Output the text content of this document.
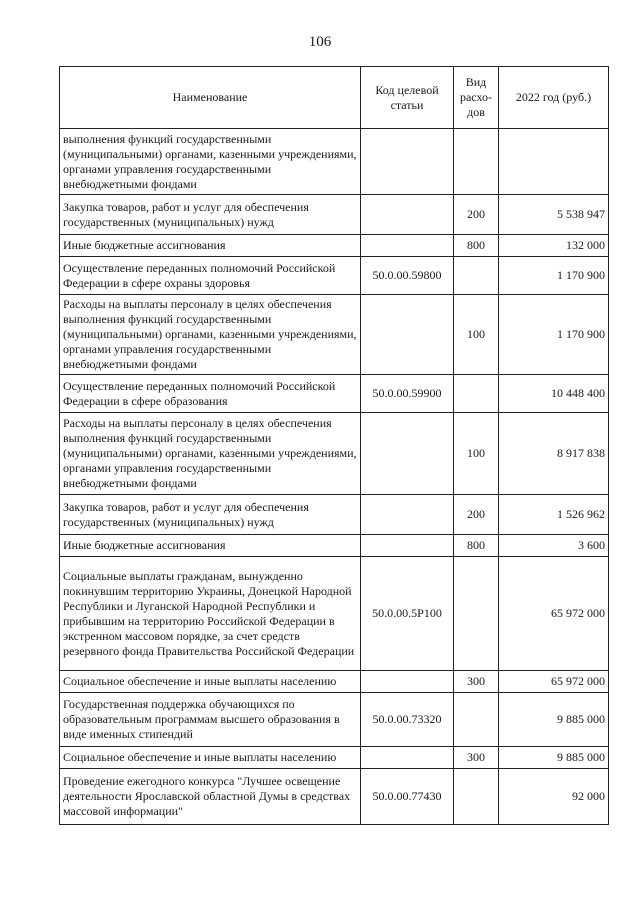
106
Наименование	Код целевой статьи	Вид расхо-дов	2022 год (руб.)
выполнения функций государственными (муниципальными) органами, казенными учреждениями, органами управления государственными внебюджетными фондами			
Закупка товаров, работ и услуг для обеспечения государственных (муниципальных) нужд		200	5 538 947
Иные бюджетные ассигнования		800	132 000
Осуществление переданных полномочий Российской Федерации в сфере охраны здоровья	50.0.00.59800		1 170 900
Расходы на выплаты персоналу в целях обеспечения выполнения функций государственными (муниципальными) органами, казенными учреждениями, органами управления государственными внебюджетными фондами		100	1 170 900
Осуществление переданных полномочий Российской Федерации в сфере образования	50.0.00.59900		10 448 400
Расходы на выплаты персоналу в целях обеспечения выполнения функций государственными (муниципальными) органами, казенными учреждениями, органами управления государственными внебюджетными фондами		100	8 917 838
Закупка товаров, работ и услуг для обеспечения государственных (муниципальных) нужд		200	1 526 962
Иные бюджетные ассигнования		800	3 600
Социальные выплаты гражданам, вынужденно покинувшим территорию Украины, Донецкой Народной Республики и Луганской Народной Республики и прибывшим на территорию Российской Федерации в экстренном массовом порядке, за счет средств резервного фонда Правительства Российской Федерации	50.0.00.5Р100		65 972 000
Социальное обеспечение и иные выплаты населению		300	65 972 000
Государственная поддержка обучающихся по образовательным программам высшего образования в виде именных стипендий	50.0.00.73320		9 885 000
Социальное обеспечение и иные выплаты населению		300	9 885 000
Проведение ежегодного конкурса "Лучшее освещение деятельности Ярославской областной Думы в средствах массовой информации"	50.0.00.77430		92 000
